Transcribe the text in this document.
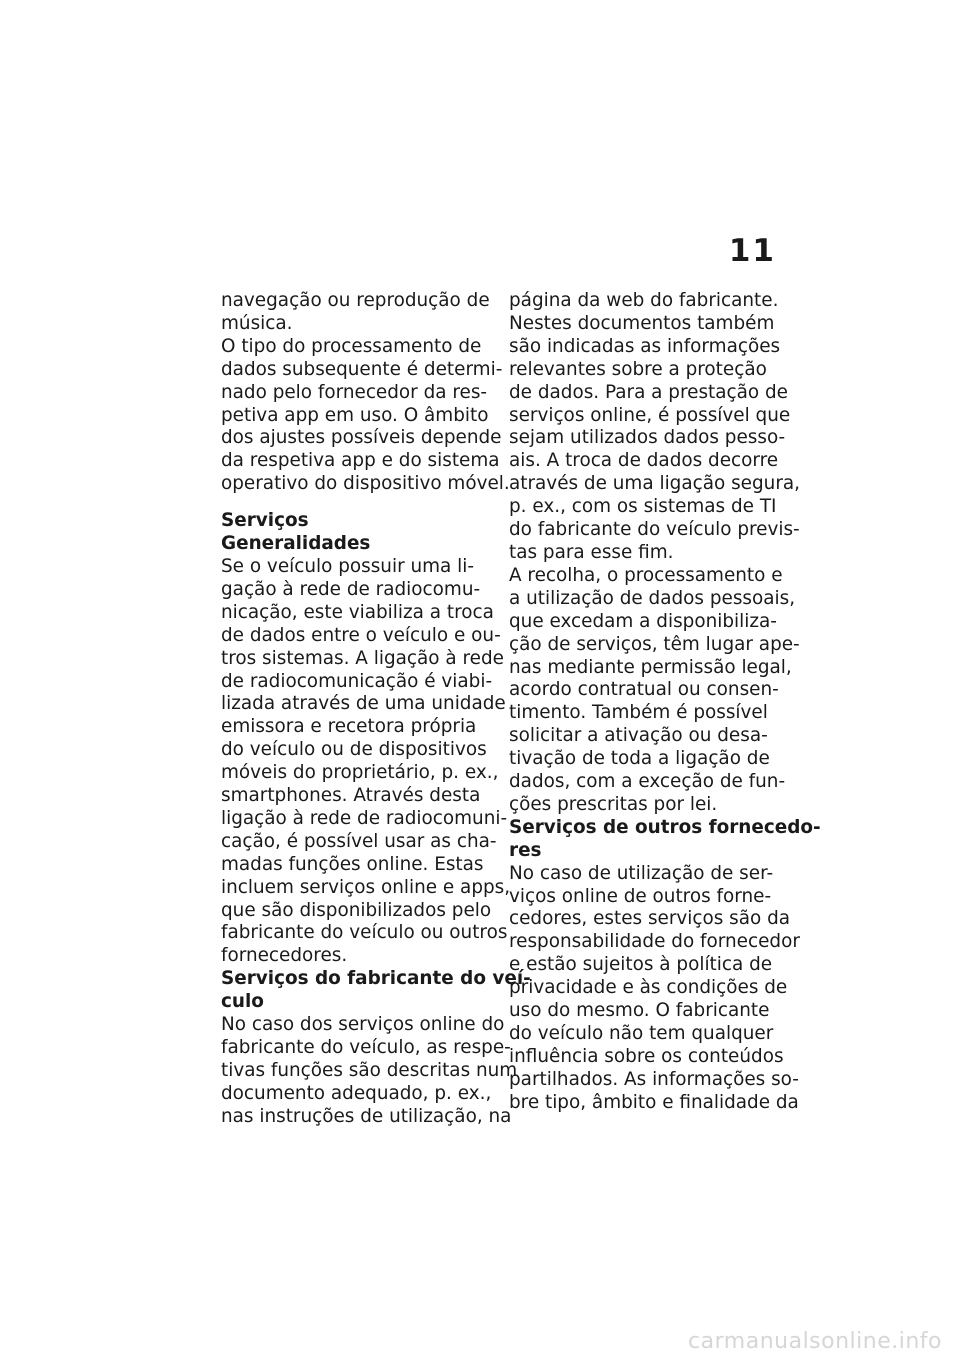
11

navegação ou reprodução de
música.

O tipo do processamento de
dados subsequente é determi-
nado pelo fornecedor da res-
petiva app em uso. O âmbito
dos ajustes possíveis depende
da respetiva app e do sistema
operativo do dispositivo móvel.

Serviços
Generalidades

Se o veículo possuir uma li-
gação à rede de radiocomu-
nicação, este viabiliza a troca
de dados entre o veículo e ou-
tros sistemas. A ligação à rede
de radiocomunicação é viabi-
lizada através de uma unidade
emissora e recetora própria
do veículo ou de dispositivos
móveis do proprietário, p. ex.,
smartphones. Através desta
ligação à rede de radiocomuni-
cação, é possível usar as cha-
madas funções online. Estas
incluem serviços online e apps,
que são disponibilizados pelo
fabricante do veículo ou outros
fornecedores.

Serviços do fabricante do veí-
culo

No caso dos serviços online do
fabricante do veículo, as respe-
tivas funções são descritas num
documento adequado, p. ex.,
nas instruções de utilização, na

página da web do fabricante.
Nestes documentos também
são indicadas as informações
relevantes sobre a proteção
de dados. Para a prestação de
serviços online, é possível que
sejam utilizados dados pesso-
ais. A troca de dados decorre
através de uma ligação segura,
p. ex., com os sistemas de TI
do fabricante do veículo previs-
tas para esse fim.

A recolha, o processamento e
a utilização de dados pessoais,
que excedam a disponibiliza-
ção de serviços, têm lugar ape-
nas mediante permissão legal,
acordo contratual ou consen-
timento. Também é possível
solicitar a ativação ou desa-
tivação de toda a ligação de
dados, com a exceção de fun-
ções prescritas por lei.

Serviços de outros fornecedo-
res

No caso de utilização de ser-
viços online de outros forne-
cedores, estes serviços são da
responsabilidade do fornecedor
e estão sujeitos à política de
privacidade e às condições de
uso do mesmo. O fabricante
do veículo não tem qualquer
influência sobre os conteúdos
partilhados. As informações so-
bre tipo, âmbito e finalidade da

carmanualsonline.info
